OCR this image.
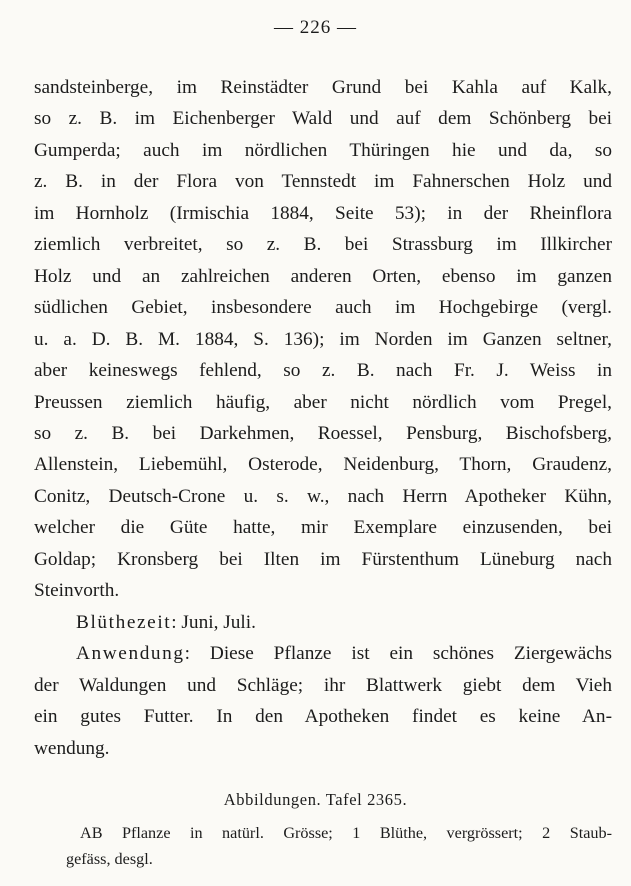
— 226 —
sandsteinberge, im Reinstädter Grund bei Kahla auf Kalk,
so z. B. im Eichenberger Wald und auf dem Schönberg bei
Gumperda; auch im nördlichen Thüringen hie und da, so
z. B. in der Flora von Tennstedt im Fahnerschen Holz und
im Hornholz (Irmischia 1884, Seite 53); in der Rheinflora
ziemlich verbreitet, so z. B. bei Strassburg im Illkircher
Holz und an zahlreichen anderen Orten, ebenso im ganzen
südlichen Gebiet, insbesondere auch im Hochgebirge (vergl.
u. a. D. B. M. 1884, S. 136); im Norden im Ganzen seltner,
aber keineswegs fehlend, so z. B. nach Fr. J. Weiss in
Preussen ziemlich häufig, aber nicht nördlich vom Pregel,
so z. B. bei Darkehmen, Roessel, Pensburg, Bischofsberg,
Allenstein, Liebemühl, Osterode, Neidenburg, Thorn, Graudenz,
Conitz, Deutsch-Crone u. s. w., nach Herrn Apotheker Kühn,
welcher die Güte hatte, mir Exemplare einzusenden, bei
Goldap; Kronsberg bei Ilten im Fürstenthum Lüneburg nach
Steinvorth.
Blüthezeit: Juni, Juli.
Anwendung: Diese Pflanze ist ein schönes Ziergewächs
der Waldungen und Schläge; ihr Blattwerk giebt dem Vieh
ein gutes Futter. In den Apotheken findet es keine An-
wendung.
Abbildungen. Tafel 2365.
AB Pflanze in natürl. Grösse; 1 Blüthe, vergrössert; 2 Staub-
gefäss, desgl.
